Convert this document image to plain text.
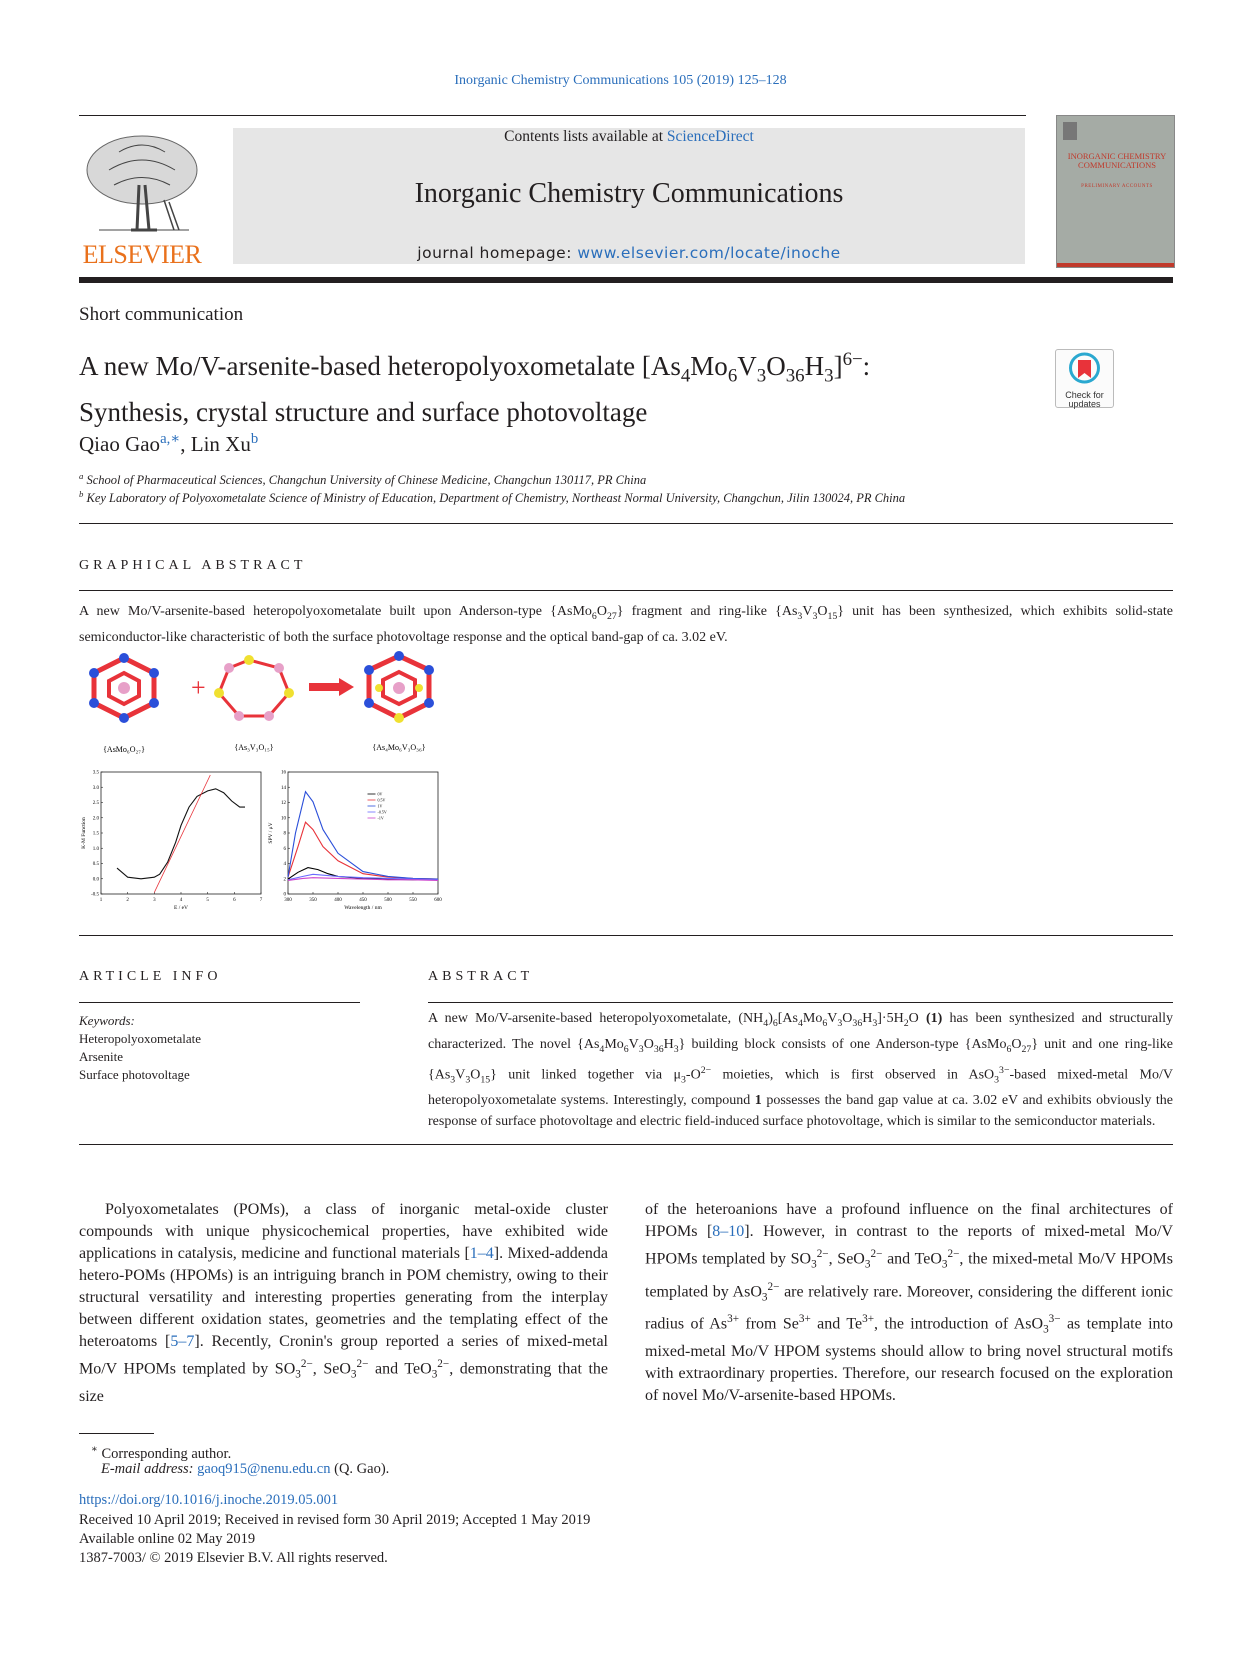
Inorganic Chemistry Communications 105 (2019) 125–128
ELSEVIER
Contents lists available at ScienceDirect
Inorganic Chemistry Communications
journal homepage: www.elsevier.com/locate/inoche
INORGANIC CHEMISTRY COMMUNICATIONS
PRELIMINARY ACCOUNTS
Short communication
A new Mo/V-arsenite-based heteropolyoxometalate $[As_4Mo_6V_3O_{36}H_3]^{6-}$:
Synthesis, crystal structure and surface photovoltage
Check for
updates
Qiao Gao$^{a,∗}$, Lin Xu$^b$
$^a$ School of Pharmaceutical Sciences, Changchun University of Chinese Medicine, Changchun 130117, PR China
$^b$ Key Laboratory of Polyoxometalate Science of Ministry of Education, Department of Chemistry, Northeast Normal University, Changchun, Jilin 130024, PR China
GRAPHICAL ABSTRACT
A new Mo/V-arsenite-based heteropolyoxometalate built upon Anderson-type $\{AsMo_6O_{27}\}$ fragment and ring-like $\{As_3V_3O_{15}\}$ unit has been synthesized, which exhibits solid-state semiconductor-like characteristic of both the surface photovoltage response and the optical band-gap of ca. 3.02 eV.
+
{AsMo₆O₂₇}	{As₃V₃O₁₅}	{As₄Mo₆V₃O₃₆}
1	2	3	4	5	6	7
-0.5
0.0
0.5
1.0
1.5
2.0
2.5
3.0
3.5
E / eV
K-M Function
300	350	400	450	500	550	600
0
2
4
6
8
10
12
14
16
Wavelength / nm
SPV / μV
0V
0.5V
1V
-0.5V
-1V
ARTICLE INFO
Keywords:
Heteropolyoxometalate
Arsenite
Surface photovoltage
ABSTRACT
A new Mo/V-arsenite-based heteropolyoxometalate, $(NH_4)_6[As_4Mo_6V_3O_{36}H_3]\cdot 5H_2O$ (1) has been synthesized and structurally characterized. The novel $\{As_4Mo_6V_3O_{36}H_3\}$ building block consists of one Anderson-type $\{AsMo_6O_{27}\}$ unit and one ring-like $\{As_3V_3O_{15}\}$ unit linked together via $\mu_3-O^{2-}$ moieties, which is first observed in AsO$_3^{3-}$-based mixed-metal Mo/V heteropolyoxometalate systems. Interestingly, compound 1 possesses the band gap value at ca. 3.02 eV and exhibits obviously the response of surface photovoltage and electric field-induced surface photovoltage, which is similar to the semiconductor materials.
Polyoxometalates (POMs), a class of inorganic metal-oxide cluster compounds with unique physicochemical properties, have exhibited wide applications in catalysis, medicine and functional materials [1–4]. Mixed-addenda hetero-POMs (HPOMs) is an intriguing branch in POM chemistry, owing to their structural versatility and interesting properties generating from the interplay between different oxidation states, geometries and the templating effect of the heteroatoms [5–7]. Recently, Cronin's group reported a series of mixed-metal Mo/V HPOMs templated by $SO_3^{2-}$, SeO$_3^{2-}$ and TeO$_3^{2-}$, demonstrating that the size
of the heteroanions have a profound influence on the final architectures of HPOMs [8–10]. However, in contrast to the reports of mixed-metal Mo/V HPOMs templated by $SO_3^{2-}$, SeO$_3^{2-}$ and TeO$_3^{2-}$, the mixed-metal Mo/V HPOMs templated by AsO$_3^{2-}$ are relatively rare. Moreover, considering the different ionic radius of $As^{3+}$ from $Se^{3+}$ and $Te^{3+}$, the introduction of AsO$_3^{3-}$ as template into mixed-metal Mo/V HPOM systems should allow to bring novel structural motifs with extraordinary properties. Therefore, our research focused on the exploration of novel Mo/V-arsenite-based HPOMs.
∗ Corresponding author.
E-mail address: gaoq915@nenu.edu.cn (Q. Gao).
https://doi.org/10.1016/j.inoche.2019.05.001
Received 10 April 2019; Received in revised form 30 April 2019; Accepted 1 May 2019
Available online 02 May 2019
1387-7003/ © 2019 Elsevier B.V. All rights reserved.
